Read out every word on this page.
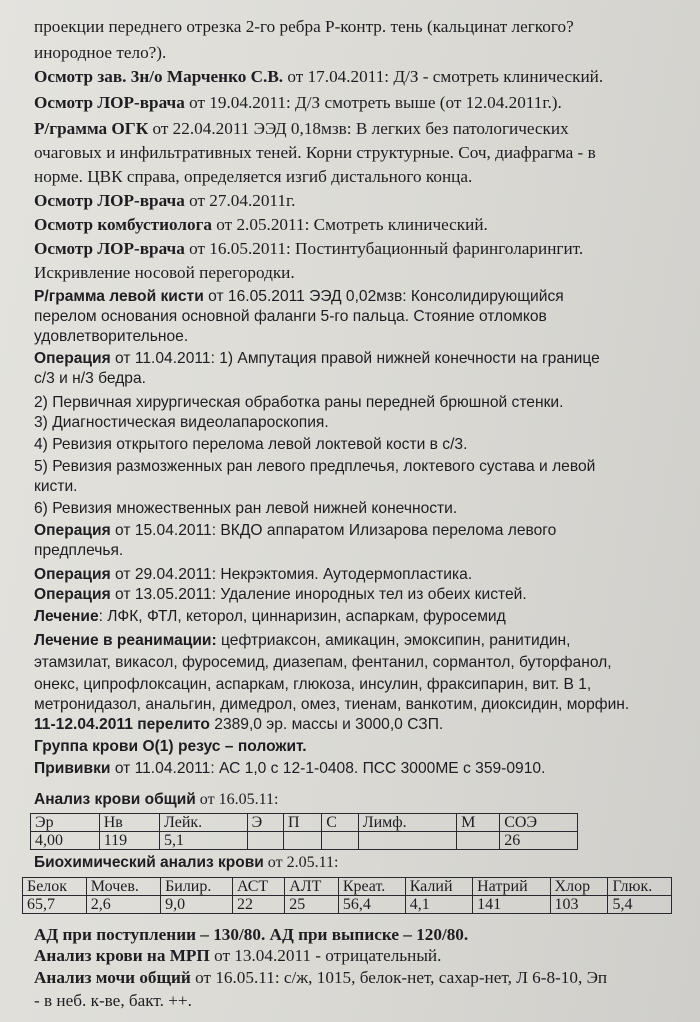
проекции переднего отрезка 2-го ребра Р-контр. тень (кальцинат легкого?
инородное тело?).
Осмотр зав. 3н/о Марченко С.В. от 17.04.2011: Д/З - смотреть клинический.
Осмотр ЛОР-врача от 19.04.2011: Д/З смотреть выше (от 12.04.2011г.).
Р/грамма ОГК от 22.04.2011 ЭЭД 0,18мзв: В легких без патологических
очаговых и инфильтративных теней. Корни структурные. Соч, диафрагма - в
норме. ЦВК справа, определяется изгиб дистального конца.
Осмотр ЛОР-врача от 27.04.2011г.
Осмотр комбустиолога от 2.05.2011: Смотреть клинический.
Осмотр ЛОР-врача от 16.05.2011: Постинтубационный фаринголарингит.
Искривление носовой перегородки.
Р/грамма левой кисти от 16.05.2011 ЭЭД 0,02мзв: Консолидирующийся
перелом основания основной фаланги 5-го пальца. Стояние отломков
удовлетворительное.
Операция от 11.04.2011: 1) Ампутация правой нижней конечности на границе
с/3 и н/3 бедра.
2) Первичная хирургическая обработка раны передней брюшной стенки.
3) Диагностическая видеолапароскопия.
4) Ревизия открытого перелома левой локтевой кости в с/3.
5) Ревизия размозженных ран левого предплечья, локтевого сустава и левой
кисти.
6) Ревизия множественных ран левой нижней конечности.
Операция от 15.04.2011: ВКДО аппаратом Илизарова перелома левого
предплечья.
Операция от 29.04.2011: Некрэктомия. Аутодермопластика.
Операция от 13.05.2011: Удаление инородных тел из обеих кистей.
Лечение: ЛФК, ФТЛ, кеторол, циннаризин, аспаркам, фуросемид
Лечение в реанимации: цефтриаксон, амикацин, эмоксипин, ранитидин,
этамзилат, викасол, фуросемид, диазепам, фентанил, сормантол, буторфанол,
онекс, ципрофлоксацин, аспаркам, глюкоза, инсулин, фраксипарин, вит. В 1,
метронидазол, анальгин, димедрол, омез, тиенам, ванкотим, диоксидин, морфин.
11-12.04.2011 перелито 2389,0 эр. массы и 3000,0 СЗП.
Группа крови О(1) резус – положит.
Прививки от 11.04.2011: АС 1,0 с 12-1-0408. ПСС 3000МЕ с 359-0910.
Анализ крови общий от 16.05.11:
Эр	Нв	Лейк.	Э	П	С	Лимф.	М	СОЭ
4,00	119	5,1						26
Биохимический анализ крови от 2.05.11:
Белок	Мочев.	Билир.	АСТ	АЛТ	Креат.	Калий	Натрий	Хлор	Глюк.
65,7	2,6	9,0	22	25	56,4	4,1	141	103	5,4
АД при поступлении – 130/80. АД при выписке – 120/80.
Анализ крови на МРП от 13.04.2011 - отрицательный.
Анализ мочи общий от 16.05.11: с/ж, 1015, белок-нет, сахар-нет, Л 6-8-10, Эп
- в неб. к-ве, бакт. ++.
